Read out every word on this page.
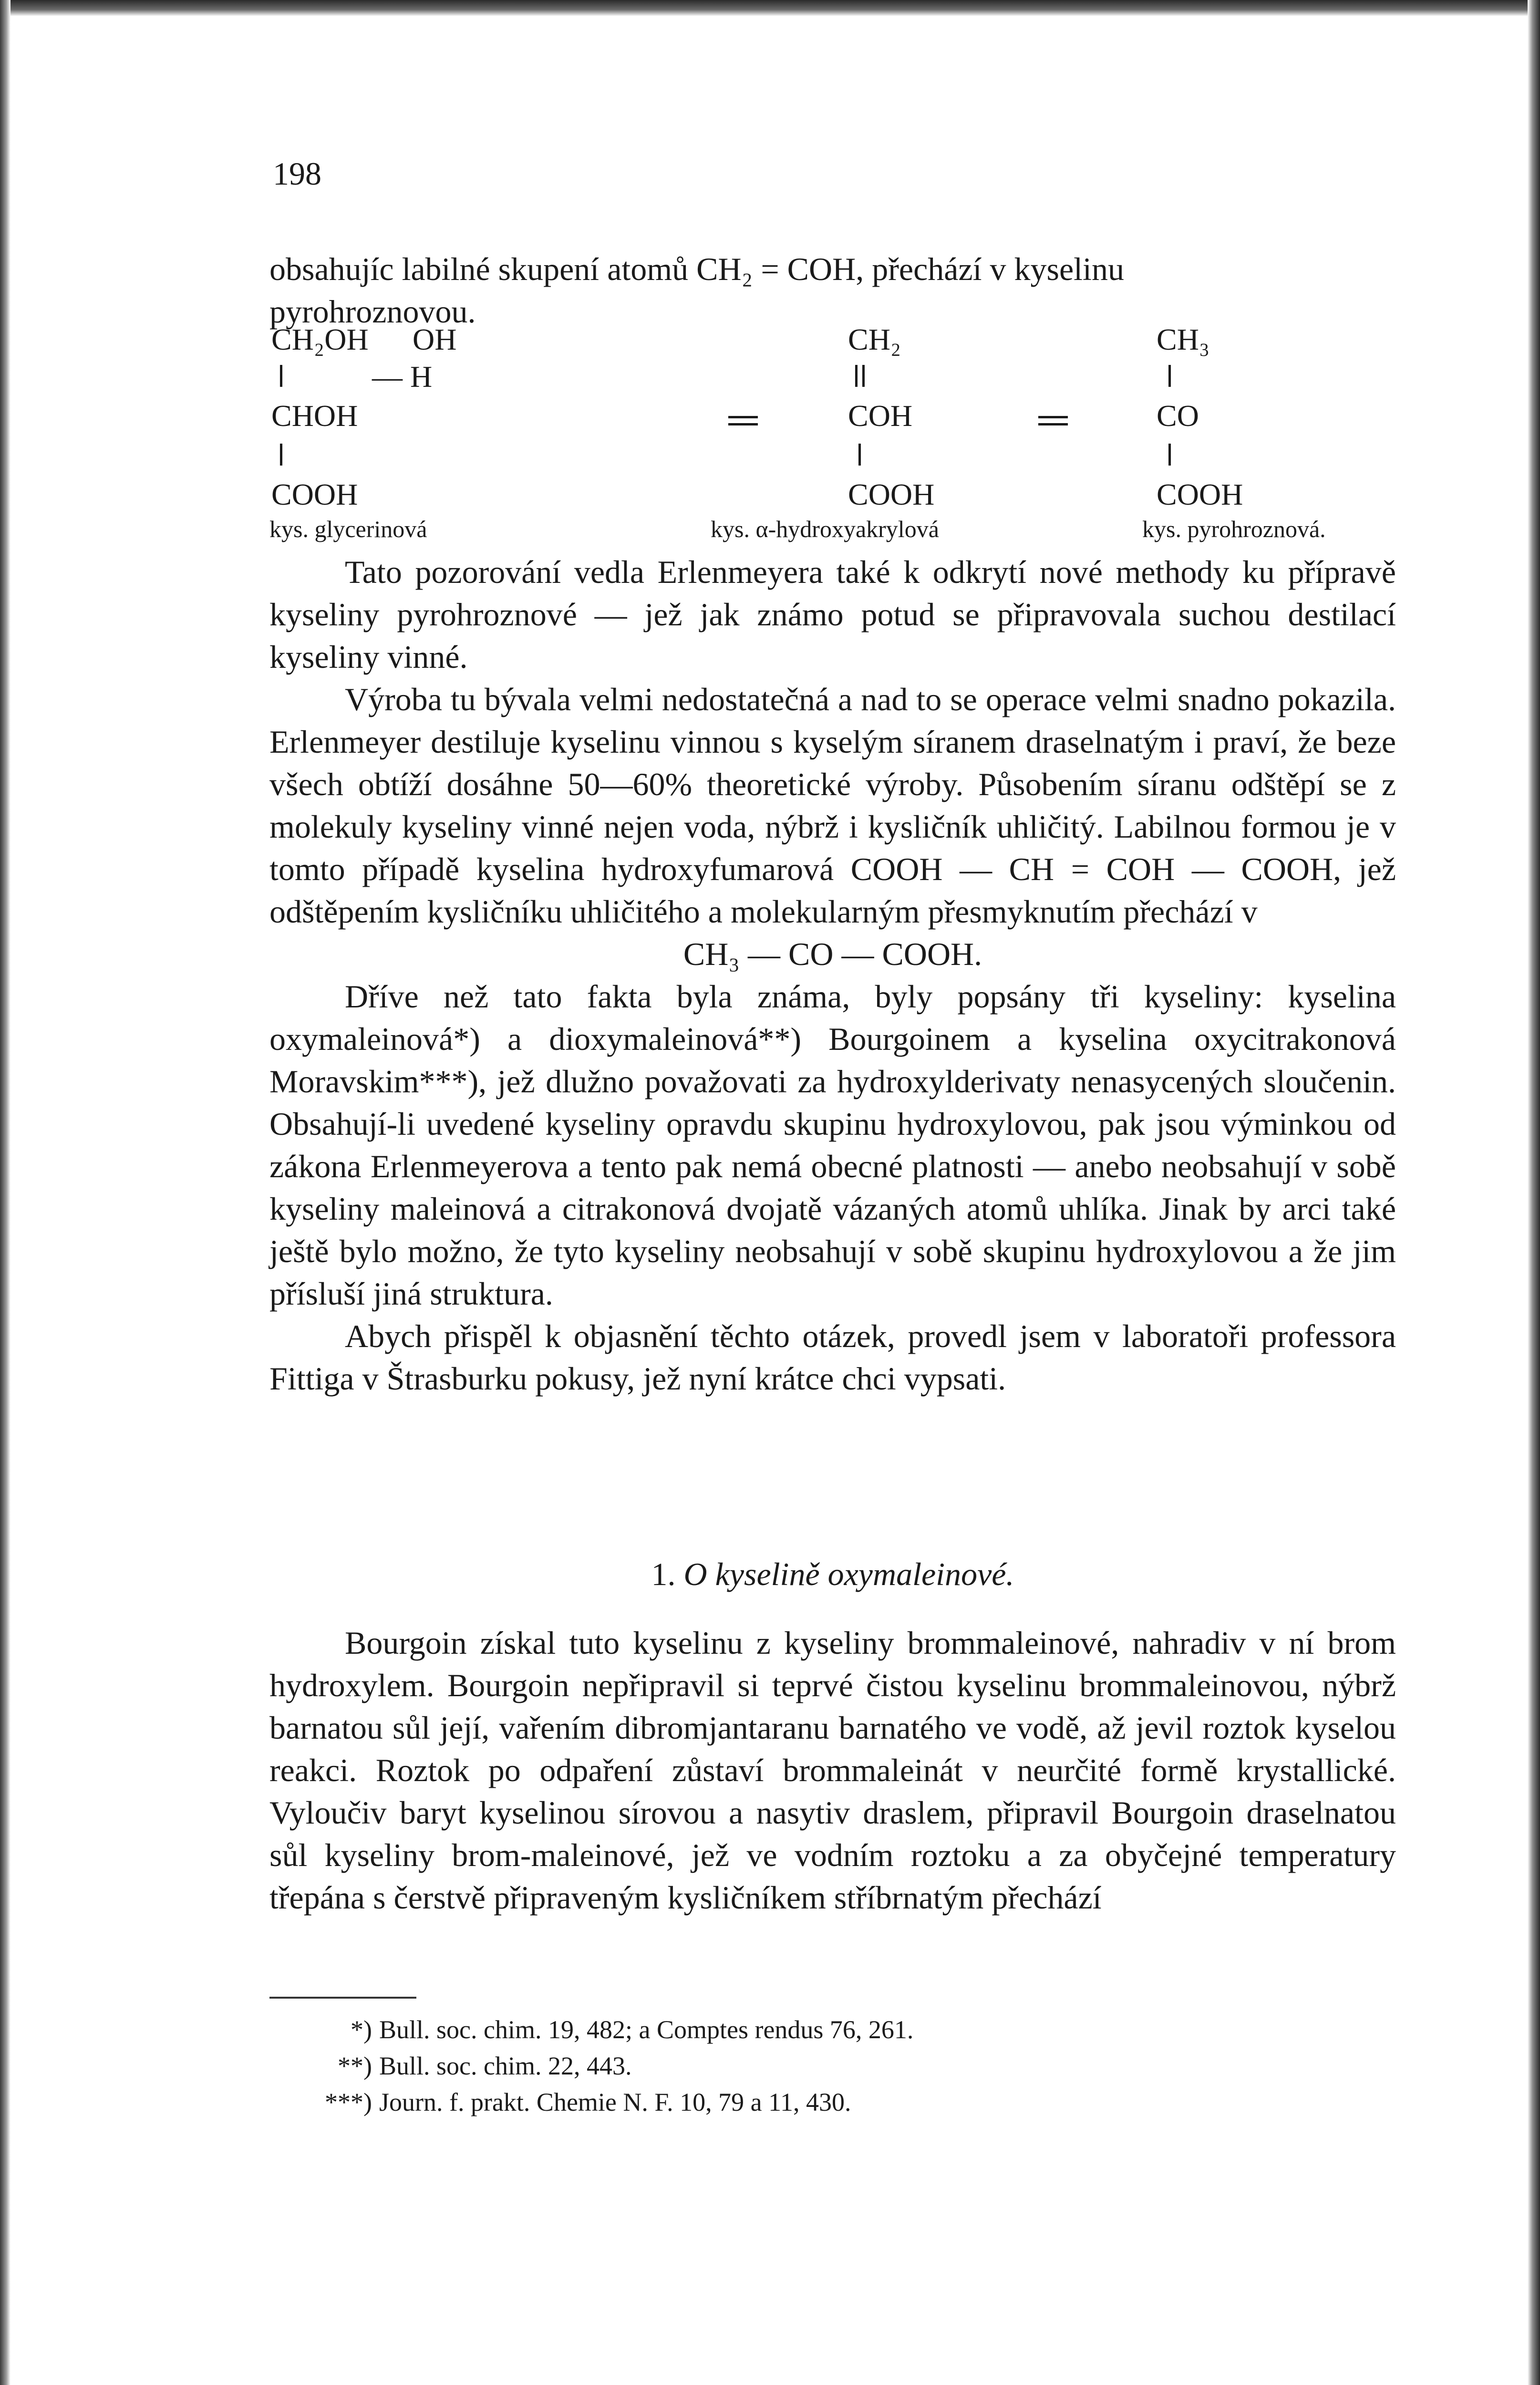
198

obsahujíc labilné skupení atomů CH₂ = COH, přechází v kyselinu

pyrohroznovou.

CH₂OH OH
— H
CHOH
COOH
CH₂
COH
COOH
CH₃
CO
COOH
kys. glycerinová	kys. α-hydroxyakrylová	kys. pyrohroznová.

Tato pozorování vedla Erlenmeyera také k odkrytí nové methody ku přípravě kyseliny pyrohroznové — jež jak známo potud se připravovala suchou destilací kyseliny vinné.

Výroba tu bývala velmi nedostatečná a nad to se operace velmi snadno pokazila. Erlenmeyer destiluje kyselinu vinnou s kyselým síranem draselnatým i praví, že beze všech obtíží dosáhne 50—60% theoretické výroby. Působením síranu odštěpí se z molekuly kyseliny vinné nejen voda, nýbrž i kysličník uhličitý. Labilnou formou je v tomto případě kyselina hydroxyfumarová COOH — CH = COH — COOH, jež odštěpením kysličníku uhličitého a molekularným přesmyknutím přechází v

CH₃ — CO — COOH.

Dříve než tato fakta byla známa, byly popsány tři kyseliny: kyselina oxymaleinová*) a dioxymaleinová**) Bourgoinem a kyselina oxycitrakonová Moravskim***), jež dlužno považovati za hydroxylderivaty nenasycených sloučenin. Obsahují-li uvedené kyseliny opravdu skupinu hydroxylovou, pak jsou výminkou od zákona Erlenmeyerova a tento pak nemá obecné platnosti — anebo neobsahují v sobě kyseliny maleinová a citrakonová dvojatě vázaných atomů uhlíka. Jinak by arci také ještě bylo možno, že tyto kyseliny neobsahují v sobě skupinu hydroxylovou a že jim přísluší jiná struktura.

Abych přispěl k objasnění těchto otázek, provedl jsem v laboratoři professora Fittiga v Štrasburku pokusy, jež nyní krátce chci vypsati.

1. O kyselině oxymaleinové.

Bourgoin získal tuto kyselinu z kyseliny brommaleinové, nahradiv v ní brom hydroxylem. Bourgoin nepřipravil si teprvé čistou kyselinu brommaleinovou, nýbrž barnatou sůl její, vařením dibromjantaranu barnatého ve vodě, až jevil roztok kyselou reakci. Roztok po odpaření zůstaví brommaleinát v neurčité formě krystallické. Vyloučiv baryt kyselinou sírovou a nasytiv draslem, připravil Bourgoin draselnatou sůl kyseliny brom-maleinové, jež ve vodním roztoku a za obyčejné temperatury třepána s čerstvě připraveným kysličníkem stříbrnatým přechází

*) Bull. soc. chim. 19, 482; a Comptes rendus 76, 261.
**) Bull. soc. chim. 22, 443.
***) Journ. f. prakt. Chemie N. F. 10, 79 a 11, 430.
